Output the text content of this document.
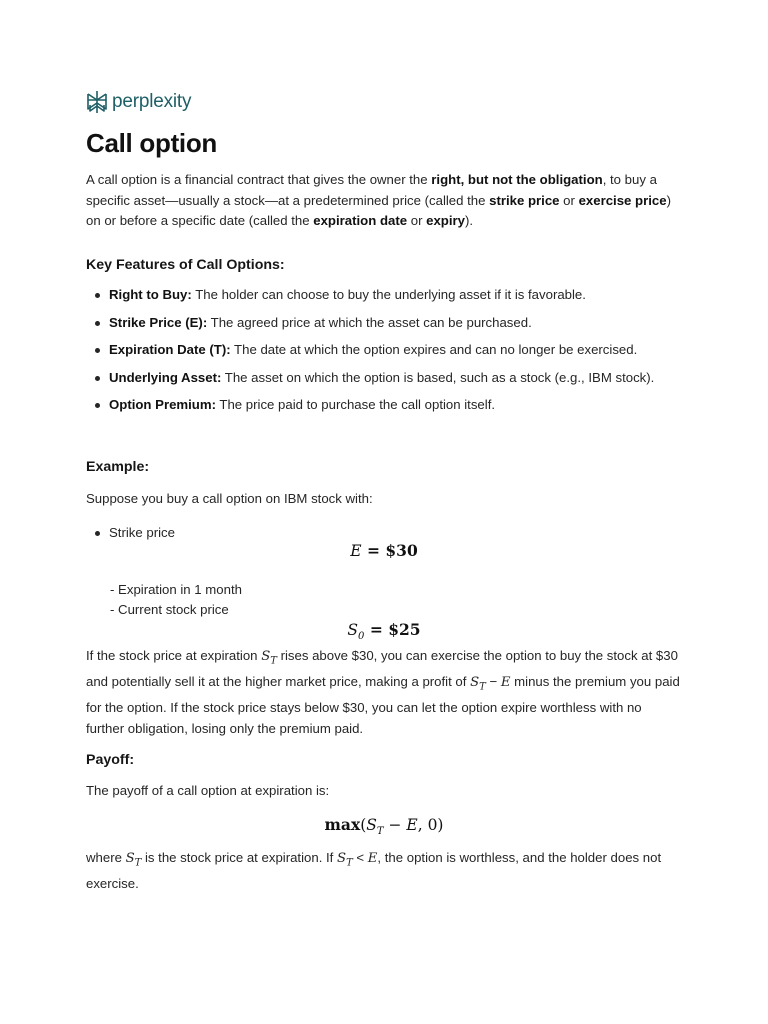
perplexity
Call option

A call option is a financial contract that gives the owner the right, but not the obligation, to buy a specific asset—usually a stock—at a predetermined price (called the strike price or exercise price) on or before a specific date (called the expiration date or expiry).

Key Features of Call Options:
Right to Buy: The holder can choose to buy the underlying asset if it is favorable.
Strike Price (E): The agreed price at which the asset can be purchased.
Expiration Date (T): The date at which the option expires and can no longer be exercised.
Underlying Asset: The asset on which the option is based, such as a stock (e.g., IBM stock).
Option Premium: The price paid to purchase the call option itself.
Example:

Suppose you buy a call option on IBM stock with:

Strike price
E = $30

- Expiration in 1 month

- Current stock price

$S_0$ = $25

If the stock price at expiration $S_T$ rises above $30, you can exercise the option to buy the stock at $30 and potentially sell it at the higher market price, making a profit of $S_T - E$ minus the premium you paid for the option. If the stock price stays below $30, you can let the option expire worthless with no further obligation, losing only the premium paid.

Payoff:

The payoff of a call option at expiration is:

$\max(S_T - E$, 0)

where $S_T$ is the stock price at expiration. If $S_T < E$, the option is worthless, and the holder does not exercise.
